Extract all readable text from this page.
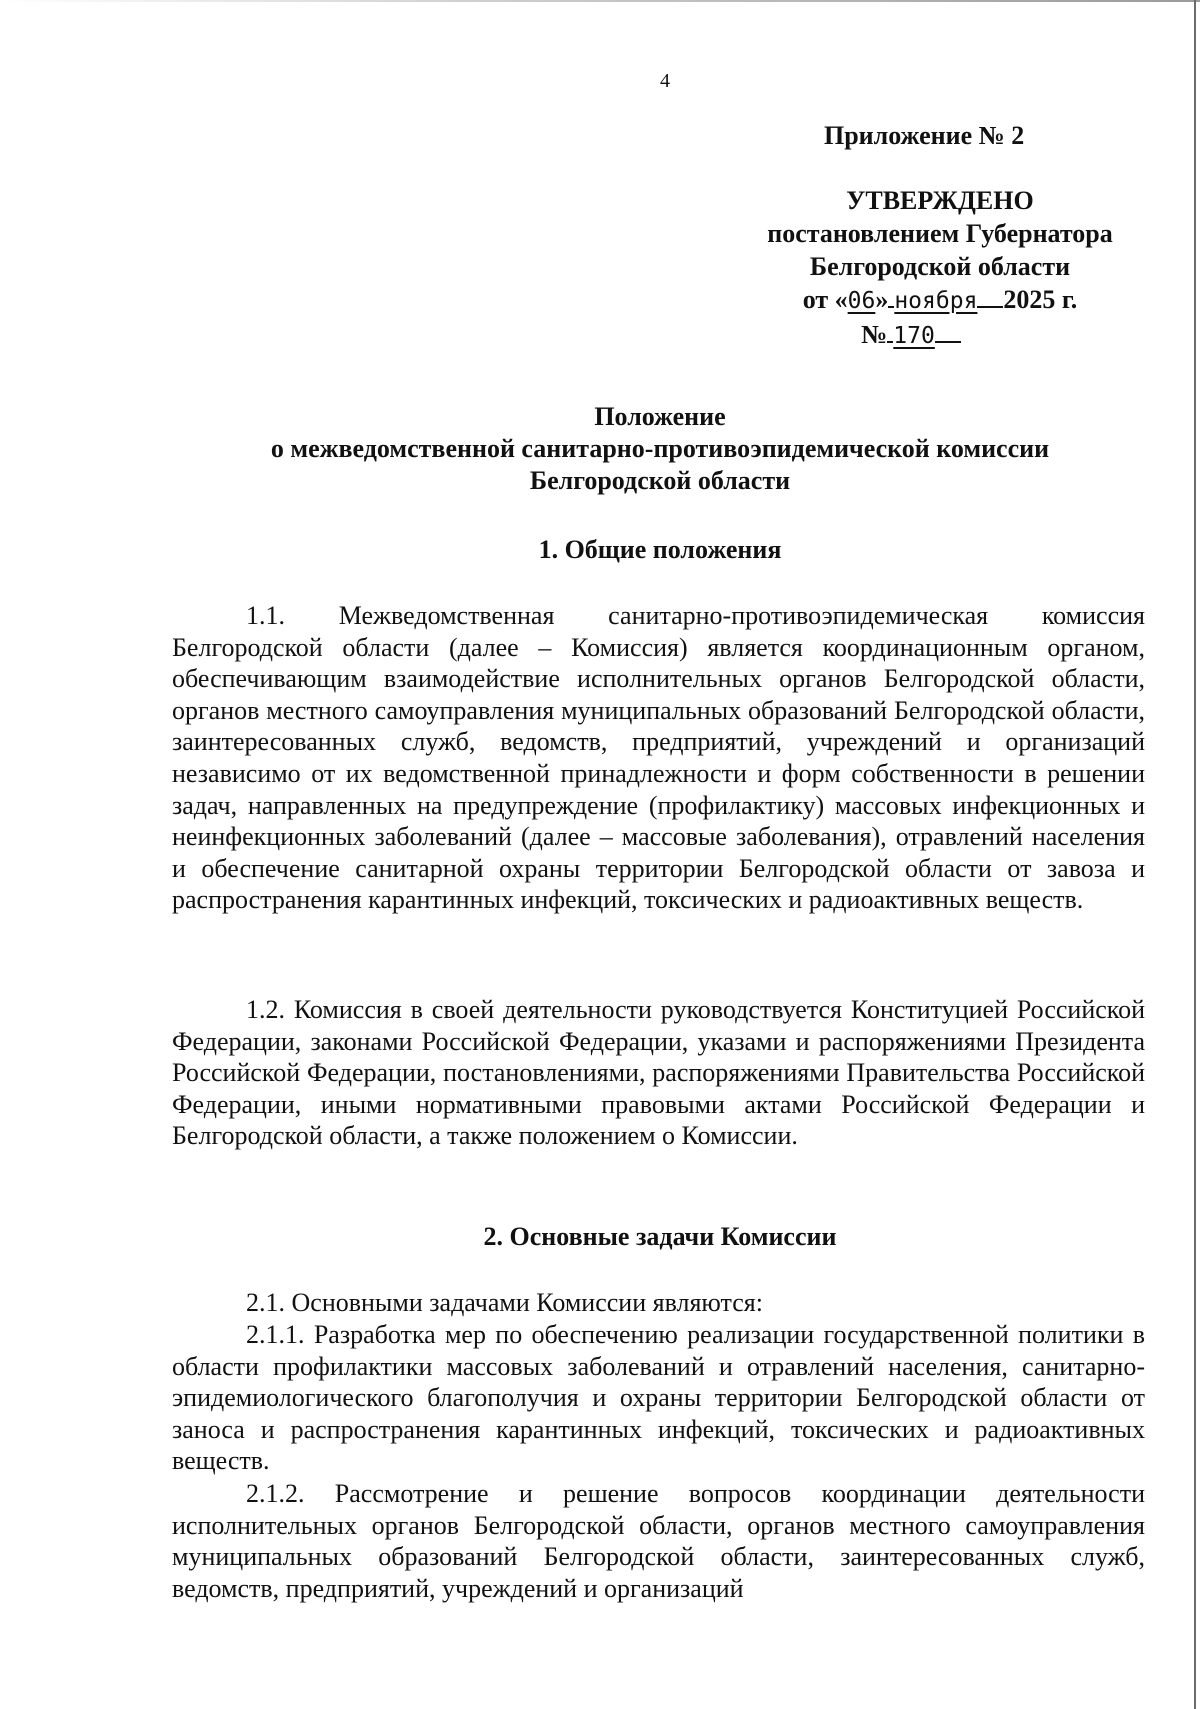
4
Приложение № 2
УТВЕРЖДЕНО
постановлением Губернатора
Белгородской области
от «06» ноября 2025 г.
№ 170
Положение
о межведомственной санитарно-противоэпидемической комиссии
Белгородской области
1. Общие положения
1.1. Межведомственная санитарно-противоэпидемическая комиссия Белгородской области (далее – Комиссия) является координационным органом, обеспечивающим взаимодействие исполнительных органов Белгородской области, органов местного самоуправления муниципальных образований Белгородской области, заинтересованных служб, ведомств, предприятий, учреждений и организаций независимо от их ведомственной принадлежности и форм собственности в решении задач, направленных на предупреждение (профилактику) массовых инфекционных и неинфекционных заболеваний (далее – массовые заболевания), отравлений населения и обеспечение санитарной охраны территории Белгородской области от завоза и распространения карантинных инфекций, токсических и радиоактивных веществ.
1.2. Комиссия в своей деятельности руководствуется Конституцией Российской Федерации, законами Российской Федерации, указами и распоряжениями Президента Российской Федерации, постановлениями, распоряжениями Правительства Российской Федерации, иными нормативными правовыми актами Российской Федерации и Белгородской области, а также положением о Комиссии.
2. Основные задачи Комиссии
2.1. Основными задачами Комиссии являются:
2.1.1. Разработка мер по обеспечению реализации государственной политики в области профилактики массовых заболеваний и отравлений населения, санитарно-эпидемиологического благополучия и охраны территории Белгородской области от заноса и распространения карантинных инфекций, токсических и радиоактивных веществ.
2.1.2. Рассмотрение и решение вопросов координации деятельности исполнительных органов Белгородской области, органов местного самоуправления муниципальных образований Белгородской области, заинтересованных служб, ведомств, предприятий, учреждений и организаций
